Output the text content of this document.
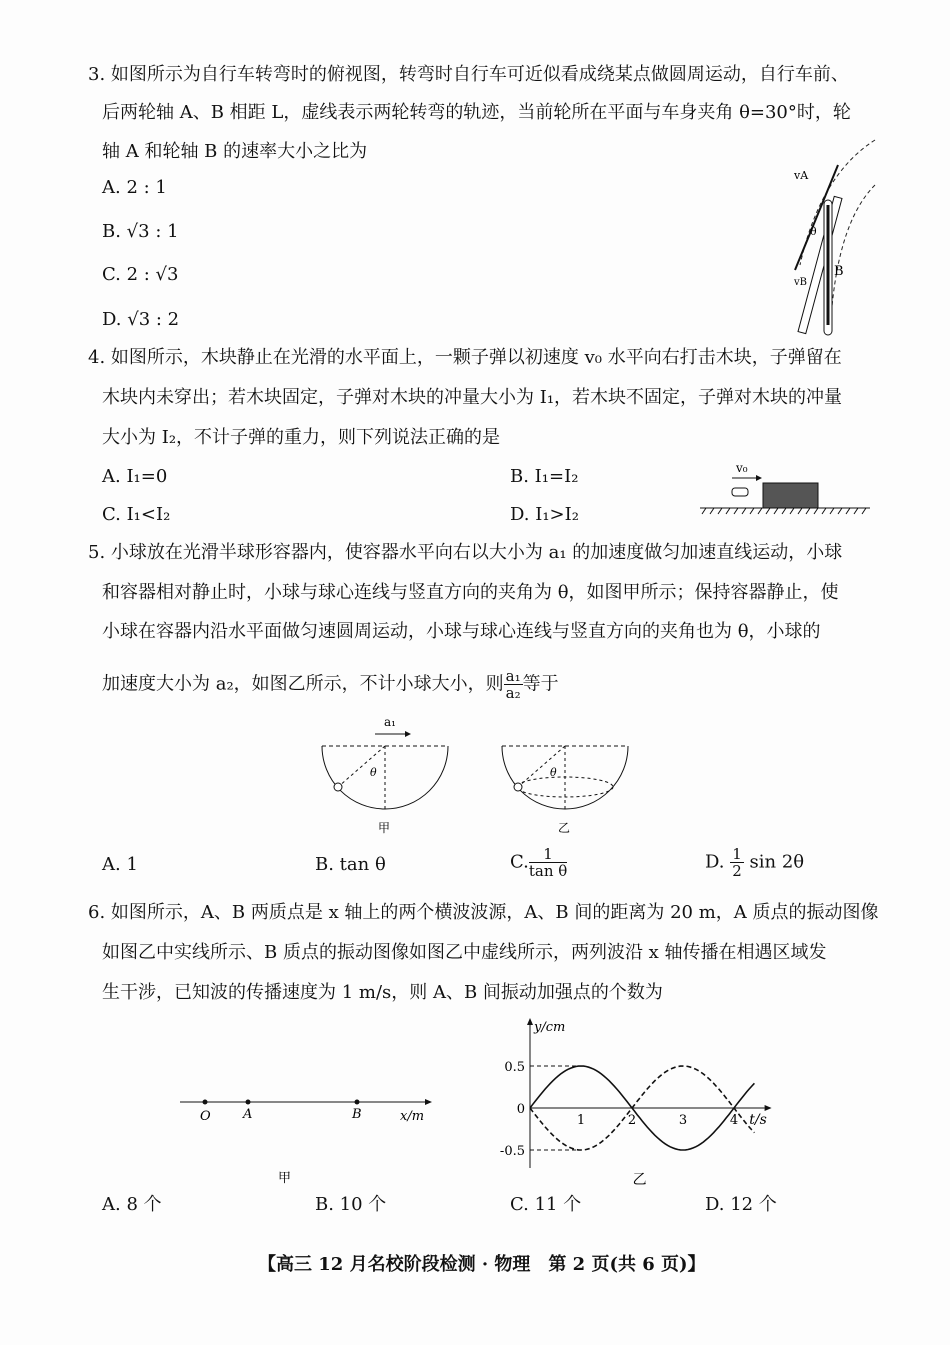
3. 如图所示为自行车转弯时的俯视图，转弯时自行车可近似看成绕某点做圆周运动，自行车前、
后两轮轴 A、B 相距 L，虚线表示两轮转弯的轨迹，当前轮所在平面与车身夹角 θ=30°时，轮
轴 A 和轮轴 B 的速率大小之比为
A. 2 : 1
B. √3 : 1
C. 2 : √3
D. √3 : 2
vA
θ
B
vB
4. 如图所示，木块静止在光滑的水平面上，一颗子弹以初速度 v₀ 水平向右打击木块，子弹留在
木块内未穿出；若木块固定，子弹对木块的冲量大小为 I₁，若木块不固定，子弹对木块的冲量
大小为 I₂，不计子弹的重力，则下列说法正确的是
A. I₁=0	B. I₁=I₂
C. I₁<I₂	D. I₁>I₂
v₀
5. 小球放在光滑半球形容器内，使容器水平向右以大小为 a₁ 的加速度做匀加速直线运动，小球
和容器相对静止时，小球与球心连线与竖直方向的夹角为 θ，如图甲所示；保持容器静止，使
小球在容器内沿水平面做匀速圆周运动，小球与球心连线与竖直方向的夹角也为 θ，小球的
加速度大小为 a₂，如图乙所示，不计小球大小，则 $\frac{\text{a₁}}{\text{a₂}}$ 等于
a₁
θ
甲
θ
乙
A. 1	B. tan θ	C. $\frac{1}{\text{tan θ}}$	D. $\frac{1}{2}$ sin 2θ
6. 如图所示，A、B 两质点是 x 轴上的两个横波波源，A、B 间的距离为 20 m，A 质点的振动图像
如图乙中实线所示、B 质点的振动图像如图乙中虚线所示，两列波沿 x 轴传播在相遇区域发
生干涉，已知波的传播速度为 1 m/s，则 A、B 间振动加强点的个数为
O A	B	x/m
甲
0.5
0
-0.5
1	2	3	4
y/cm
t/s
乙
A. 8 个	B. 10 个	C. 11 个	D. 12 个
【高三 12 月名校阶段检测 · 物理　第 2 页(共 6 页)】
